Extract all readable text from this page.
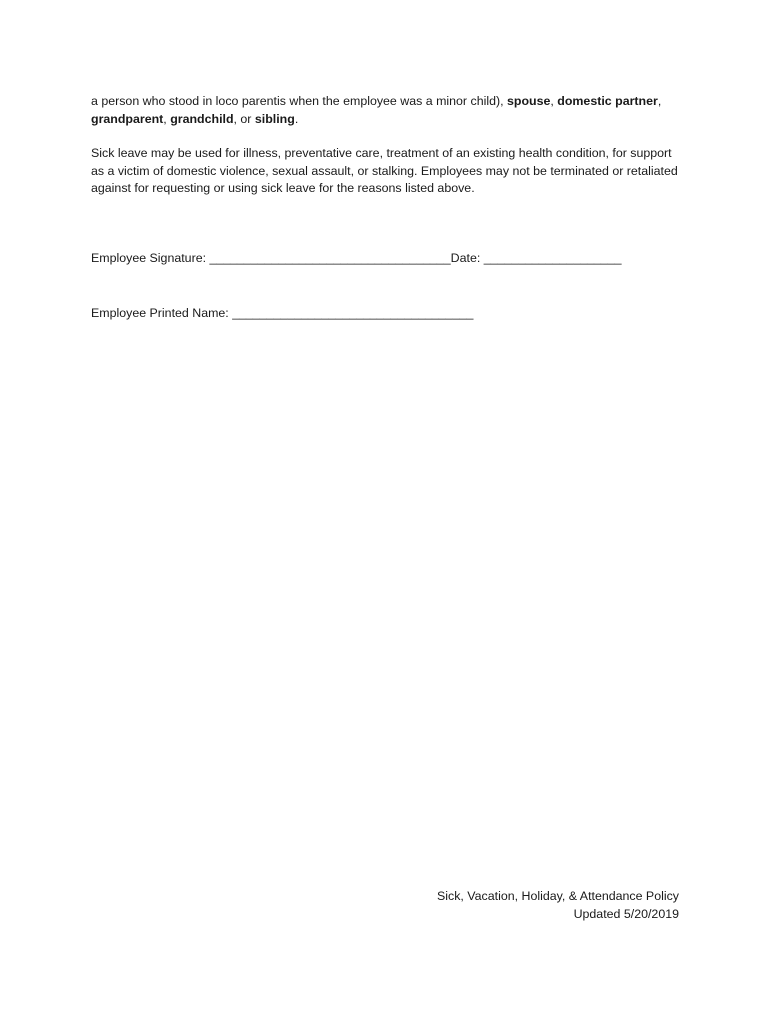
a person who stood in loco parentis when the employee was a minor child), spouse, domestic partner, grandparent, grandchild, or sibling.

Sick leave may be used for illness, preventative care, treatment of an existing health condition, for support as a victim of domestic violence, sexual assault, or stalking. Employees may not be terminated or retaliated against for requesting or using sick leave for the reasons listed above.

Employee Signature: ___________________________________Date: ____________________
Employee Printed Name: ___________________________________
Sick, Vacation, Holiday, & Attendance Policy
Updated 5/20/2019
